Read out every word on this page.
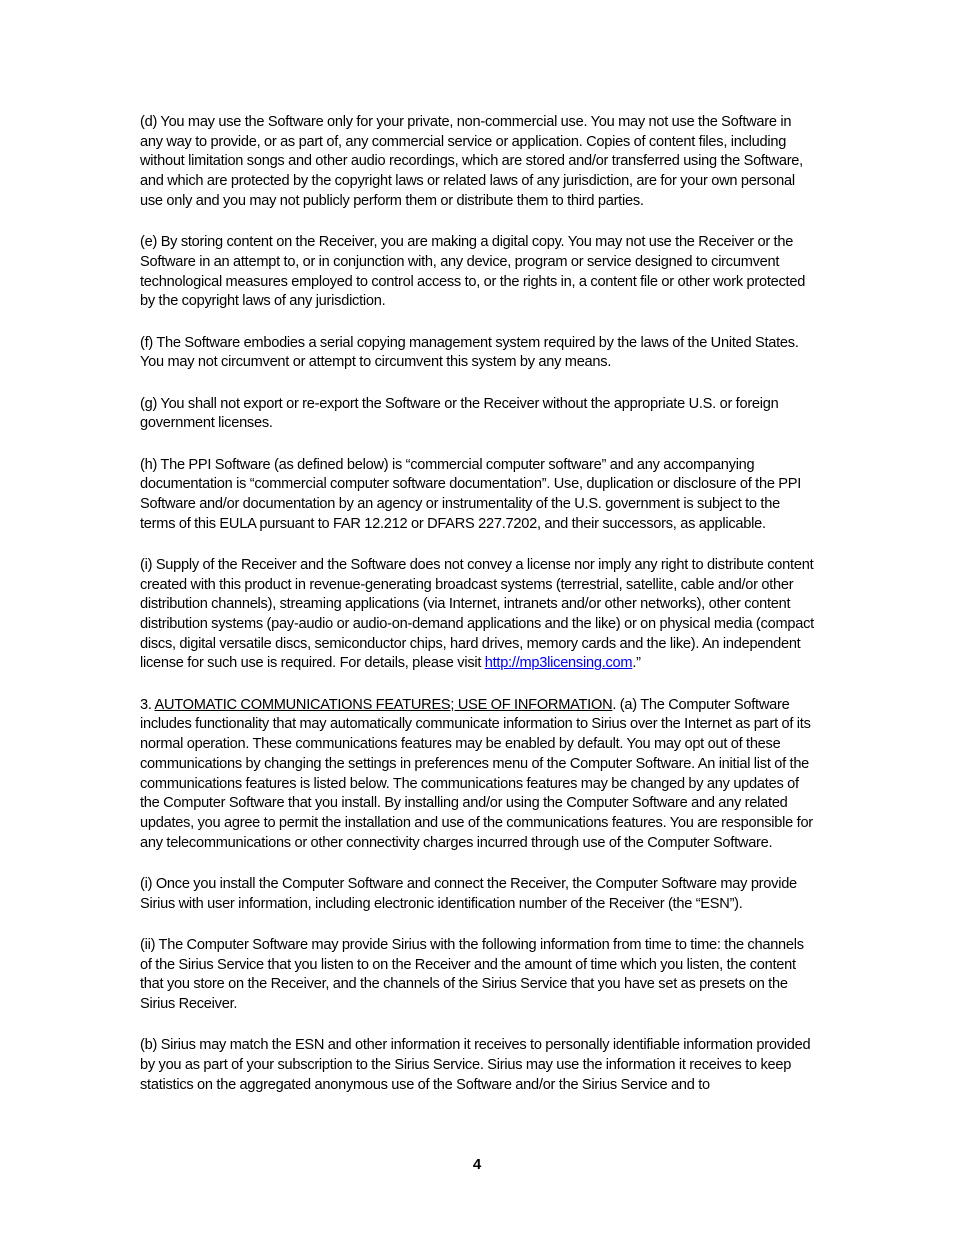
(d) You may use the Software only for your private, non-commercial use. You may not use the Software in any way to provide, or as part of, any commercial service or application. Copies of content files, including without limitation songs and other audio recordings, which are stored and/or transferred using the Software, and which are protected by the copyright laws or related laws of any jurisdiction, are for your own personal use only and you may not publicly perform them or distribute them to third parties.

(e) By storing content on the Receiver, you are making a digital copy. You may not use the Receiver or the Software in an attempt to, or in conjunction with, any device, program or service designed to circumvent technological measures employed to control access to, or the rights in, a content file or other work protected by the copyright laws of any jurisdiction.

(f) The Software embodies a serial copying management system required by the laws of the United States. You may not circumvent or attempt to circumvent this system by any means.

(g) You shall not export or re-export the Software or the Receiver without the appropriate U.S. or foreign government licenses.

(h) The PPI Software (as defined below) is “commercial computer software” and any accompanying documentation is “commercial computer software documentation”. Use, duplication or disclosure of the PPI Software and/or documentation by an agency or instrumentality of the U.S. government is subject to the terms of this EULA pursuant to FAR 12.212 or DFARS 227.7202, and their successors, as applicable.

(i) Supply of the Receiver and the Software does not convey a license nor imply any right to distribute content created with this product in revenue-generating broadcast systems (terrestrial, satellite, cable and/or other distribution channels), streaming applications (via Internet, intranets and/or other networks), other content distribution systems (pay-audio or audio-on-demand applications and the like) or on physical media (compact discs, digital versatile discs, semiconductor chips, hard drives, memory cards and the like). An independent license for such use is required. For details, please visit http://mp3licensing.com.”

3. AUTOMATIC COMMUNICATIONS FEATURES; USE OF INFORMATION. (a) The Computer Software includes functionality that may automatically communicate information to Sirius over the Internet as part of its normal operation. These communications features may be enabled by default. You may opt out of these communications by changing the settings in preferences menu of the Computer Software. An initial list of the communications features is listed below. The communications features may be changed by any updates of the Computer Software that you install. By installing and/or using the Computer Software and any related updates, you agree to permit the installation and use of the communications features. You are responsible for any telecommunications or other connectivity charges incurred through use of the Computer Software.

(i) Once you install the Computer Software and connect the Receiver, the Computer Software may provide Sirius with user information, including electronic identification number of the Receiver (the “ESN”).

(ii) The Computer Software may provide Sirius with the following information from time to time: the channels of the Sirius Service that you listen to on the Receiver and the amount of time which you listen, the content that you store on the Receiver, and the channels of the Sirius Service that you have set as presets on the Sirius Receiver.

(b) Sirius may match the ESN and other information it receives to personally identifiable information provided by you as part of your subscription to the Sirius Service. Sirius may use the information it receives to keep statistics on the aggregated anonymous use of the Software and/or the Sirius Service and to

4
